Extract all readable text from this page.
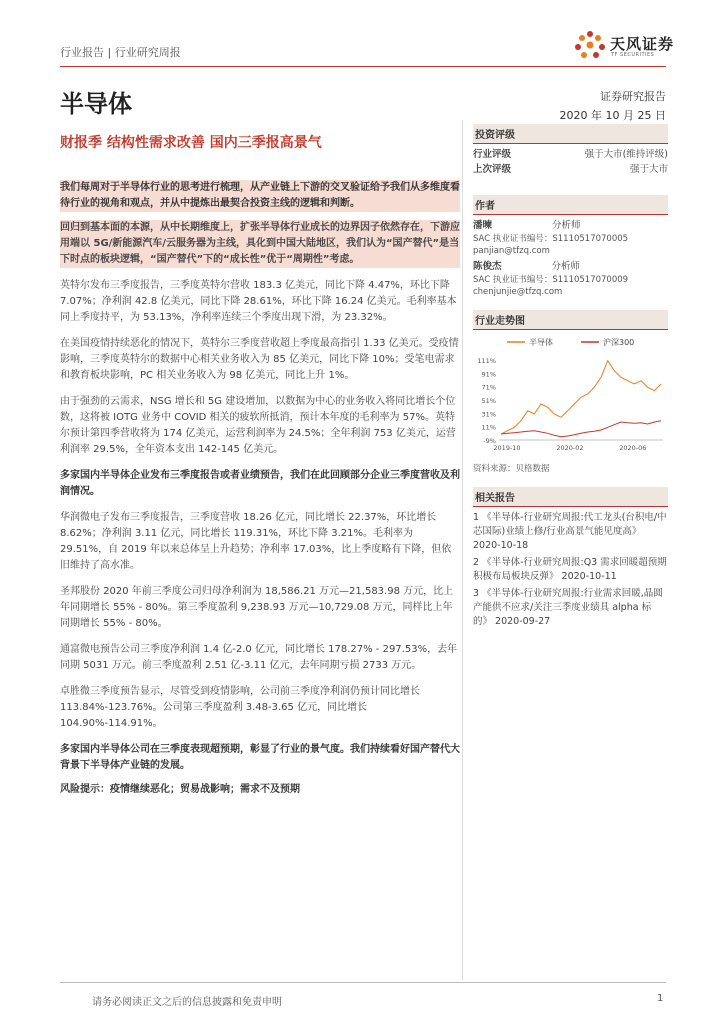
行业报告 | 行业研究周报	天风证券
TF SECURITIES
半导体	证券研究报告
2020 年 10 月 25 日
财报季 结构性需求改善 国内三季报高景气

我们每周对于半导体行业的思考进行梳理，从产业链上下游的交叉验证给予我们从多维度看待行业的视角和观点，并从中提炼出最契合投资主线的逻辑和判断。

回归到基本面的本源，从中长期维度上，扩张半导体行业成长的边界因子依然存在，下游应用端以 5G/新能源汽车/云服务器为主线，具化到中国大陆地区，我们认为“国产替代”是当下时点的板块逻辑，“国产替代”下的“成长性”优于“周期性”考虑。

英特尔发布三季度报告，三季度英特尔营收 183.3 亿美元，同比下降 4.47%，环比下降 7.07%；净利润 42.8 亿美元，同比下降 28.61%，环比下降 16.24 亿美元。毛利率基本同上季度持平，为 53.13%，净利率连续三个季度出现下滑，为 23.32%。

在美国疫情持续恶化的情况下，英特尔三季度营收超上季度最高指引 1.33 亿美元。受疫情影响，三季度英特尔的数据中心相关业务收入为 85 亿美元，同比下降 10%；受笔电需求和教育板块影响，PC 相关业务收入为 98 亿美元，同比上升 1%。

由于强劲的云需求，NSG 增长和 5G 建设增加，以数据为中心的业务收入将同比增长个位数，这将被 IOTG 业务中 COVID 相关的疲软所抵消，预计本年度的毛利率为 57%。英特尔预计第四季营收将为 174 亿美元，运营利润率为 24.5%；全年利润 753 亿美元，运营利润率 29.5%，全年资本支出 142-145 亿美元。

多家国内半导体企业发布三季度报告或者业绩预告，我们在此回顾部分企业三季度营收及利润情况。

华润微电子发布三季度报告，三季度营收 18.26 亿元，同比增长 22.37%，环比增长 8.62%；净利润 3.11 亿元，同比增长 119.31%，环比下降 3.21%。毛利率为 29.51%，自 2019 年以来总体呈上升趋势；净利率 17.03%，比上季度略有下降，但依旧维持了高水准。

圣邦股份 2020 年前三季度公司归母净利润为 18,586.21 万元—21,583.98 万元，比上年同期增长 55% - 80%。第三季度盈利 9,238.93 万元—10,729.08 万元，同样比上年同期增长 55% - 80%。

通富微电预告公司三季度净利润 1.4 亿-2.0 亿元，同比增长 178.27% - 297.53%，去年同期 5031 万元。前三季度盈利 2.51 亿-3.11 亿元，去年同期亏损 2733 万元。

卓胜微三季度预告显示，尽管受到疫情影响，公司前三季度净利润仍预计同比增长 113.84%-123.76%。公司第三季度盈利 3.48-3.65 亿元，同比增长 104.90%-114.91%。

多家国内半导体公司在三季度表现超预期，彰显了行业的景气度。我们持续看好国产替代大背景下半导体产业链的发展。

风险提示：疫情继续恶化；贸易战影响；需求不及预期

投资评级
行业评级	强于大市(维持评级)
上次评级	强于大市
作者
潘暕	分析师
SAC 执业证书编号：S1110517070005
panjian@tfzq.com
陈俊杰	分析师
SAC 执业证书编号：S1110517070009
chenjunjie@tfzq.com
行业走势图
半导体	沪深300
111%
91%
71%
51%
31%
11%
-9%
2019-10	2020-02	2020-06
资料来源：贝格数据
相关报告
1 《半导体-行业研究周报:代工龙头(台积电/中芯国际)业绩上修/行业高景气能见度高》 2020-10-18
2 《半导体-行业研究周报:Q3 需求回暖超预期 积极布局板块反弹》 2020-10-11
3 《半导体-行业研究周报:行业需求回暖,晶圆产能供不应求/关注三季度业绩具 alpha 标的》 2020-09-27
请务必阅读正文之后的信息披露和免责申明	1
